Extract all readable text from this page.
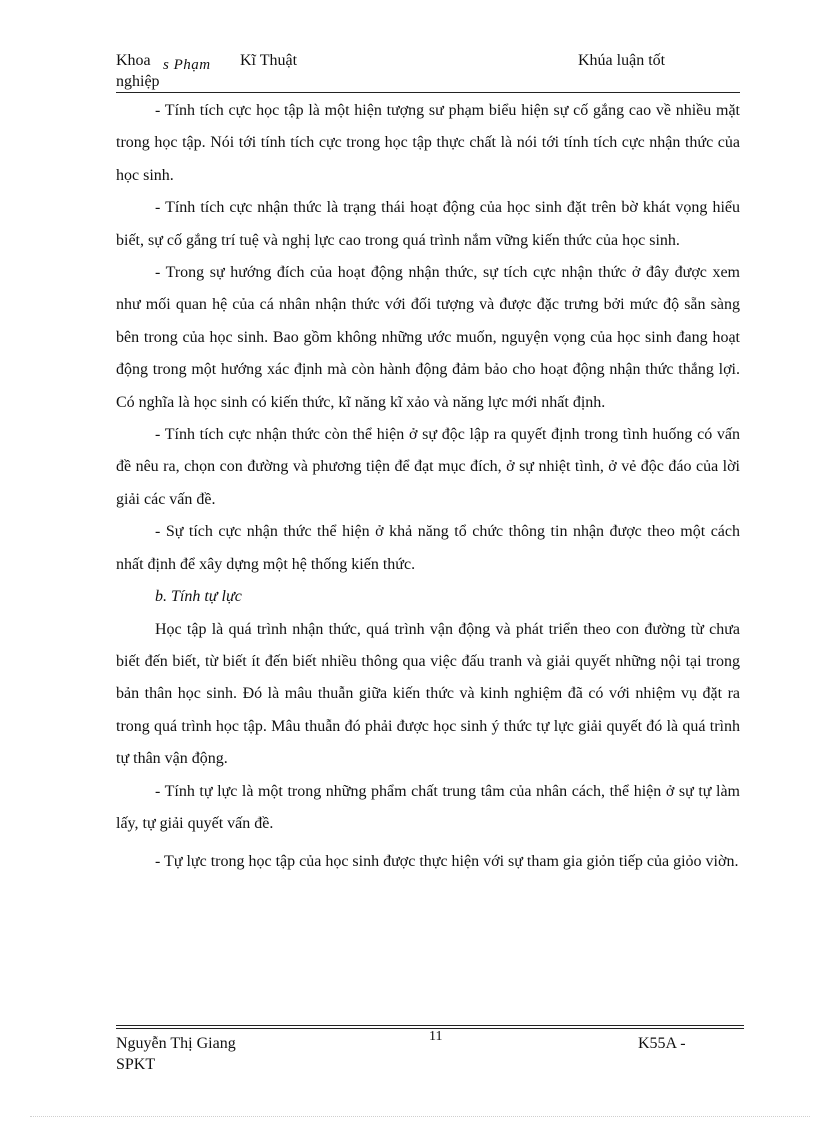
Khoa s Phạm Kĩ Thuật
nghiệp
Khúa luận tốt

- Tính tích cực học tập là một hiện tượng sư phạm biểu hiện sự cố gắng cao về nhiều mặt trong học tập. Nói tới tính tích cực trong học tập thực chất là nói tới tính tích cực nhận thức của học sinh.

- Tính tích cực nhận thức là trạng thái hoạt động của học sinh đặt trên bờ khát vọng hiểu biết, sự cố gắng trí tuệ và nghị lực cao trong quá trình nắm vững kiến thức của học sinh.

- Trong sự hướng đích của hoạt động nhận thức, sự tích cực nhận thức ở đây được xem như mối quan hệ của cá nhân nhận thức với đối tượng và được đặc trưng bởi mức độ sẵn sàng bên trong của học sinh. Bao gồm không những ước muốn, nguyện vọng của học sinh đang hoạt động trong một hướng xác định mà còn hành động đảm bảo cho hoạt động nhận thức thắng lợi. Có nghĩa là học sinh có kiến thức, kĩ năng kĩ xảo và năng lực mới nhất định.

- Tính tích cực nhận thức còn thể hiện ở sự độc lập ra quyết định trong tình huống có vấn đề nêu ra, chọn con đường và phương tiện để đạt mục đích, ở sự nhiệt tình, ở vẻ độc đáo của lời giải các vấn đề.

- Sự tích cực nhận thức thể hiện ở khả năng tổ chức thông tin nhận được theo một cách nhất định để xây dựng một hệ thống kiến thức.

b. Tính tự lực

Học tập là quá trình nhận thức, quá trình vận động và phát triển theo con đường từ chưa biết đến biết, từ biết ít đến biết nhiều thông qua việc đấu tranh và giải quyết những nội tại trong bản thân học sinh. Đó là mâu thuẫn giữa kiến thức và kinh nghiệm đã có với nhiệm vụ đặt ra trong quá trình học tập. Mâu thuẫn đó phải được học sinh ý thức tự lực giải quyết đó là quá trình tự thân vận động.

- Tính tự lực là một trong những phẩm chất trung tâm của nhân cách, thể hiện ở sự tự làm lấy, tự giải quyết vấn đề.

- Tự lực trong học tập của học sinh được thực hiện với sự tham gia giỏn tiếp của giỏo viờn.

Nguyễn Thị Giang	11	K55A -
SPKT
